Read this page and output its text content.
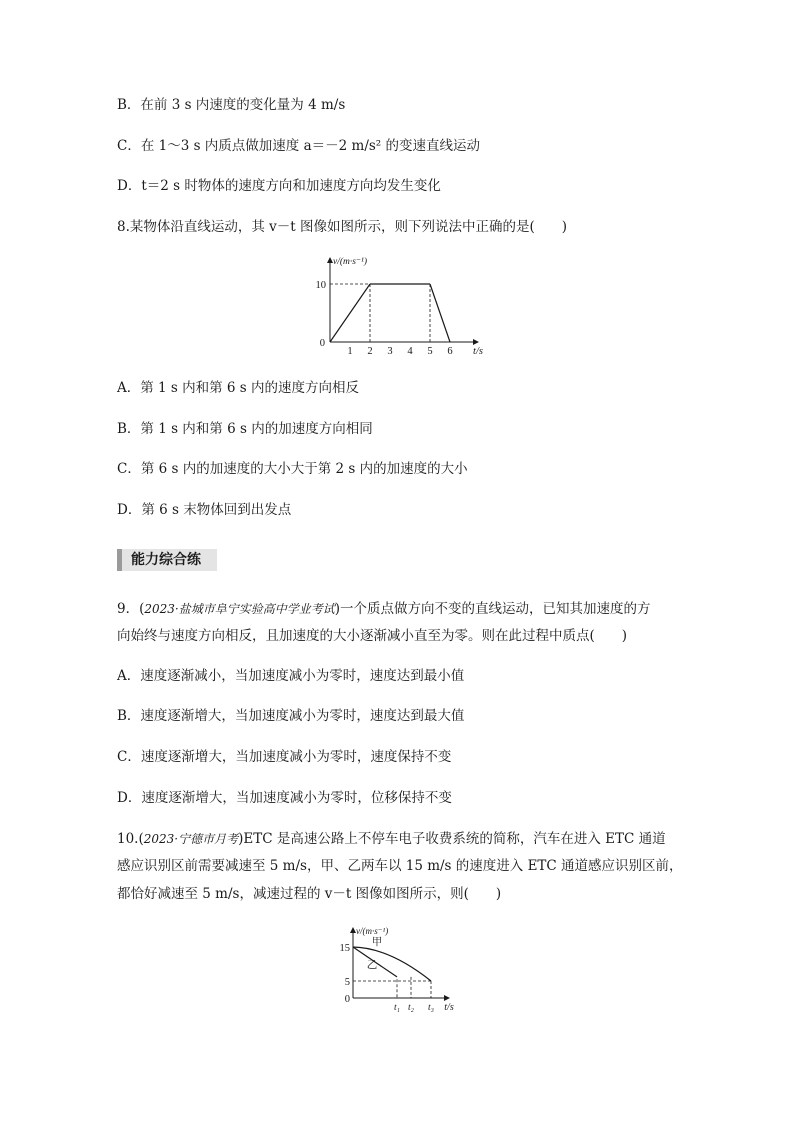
B．在前 3 s 内速度的变化量为 4 m/s
C．在 1～3 s 内质点做加速度 a＝－2 m/s² 的变速直线运动
D．t＝2 s 时物体的速度方向和加速度方向均发生变化
8.某物体沿直线运动，其 v－t 图像如图所示，则下列说法中正确的是(　　)
1 2 3 4 5 6
10
0
v/(m·s⁻¹)
t/s
A．第 1 s 内和第 6 s 内的速度方向相反
B．第 1 s 内和第 6 s 内的加速度方向相同
C．第 6 s 内的加速度的大小大于第 2 s 内的加速度的大小
D．第 6 s 末物体回到出发点
能力综合练
9．(2023·盐城市阜宁实验高中学业考试)一个质点做方向不变的直线运动，已知其加速度的方
向始终与速度方向相反，且加速度的大小逐渐减小直至为零。则在此过程中质点(　　)
A．速度逐渐减小，当加速度减小为零时，速度达到最小值
B．速度逐渐增大，当加速度减小为零时，速度达到最大值
C．速度逐渐增大，当加速度减小为零时，速度保持不变
D．速度逐渐增大，当加速度减小为零时，位移保持不变
10.(2023·宁德市月考)ETC 是高速公路上不停车电子收费系统的简称，汽车在进入 ETC 通道
感应识别区前需要减速至 5 m/s，甲、乙两车以 15 m/s 的速度进入 ETC 通道感应识别区前，
都恰好减速至 5 m/s，减速过程的 v－t 图像如图所示，则(　　)
15
5
0
v/(m·s⁻¹)
t/s
t₁ t₂ t₃
甲
乙
